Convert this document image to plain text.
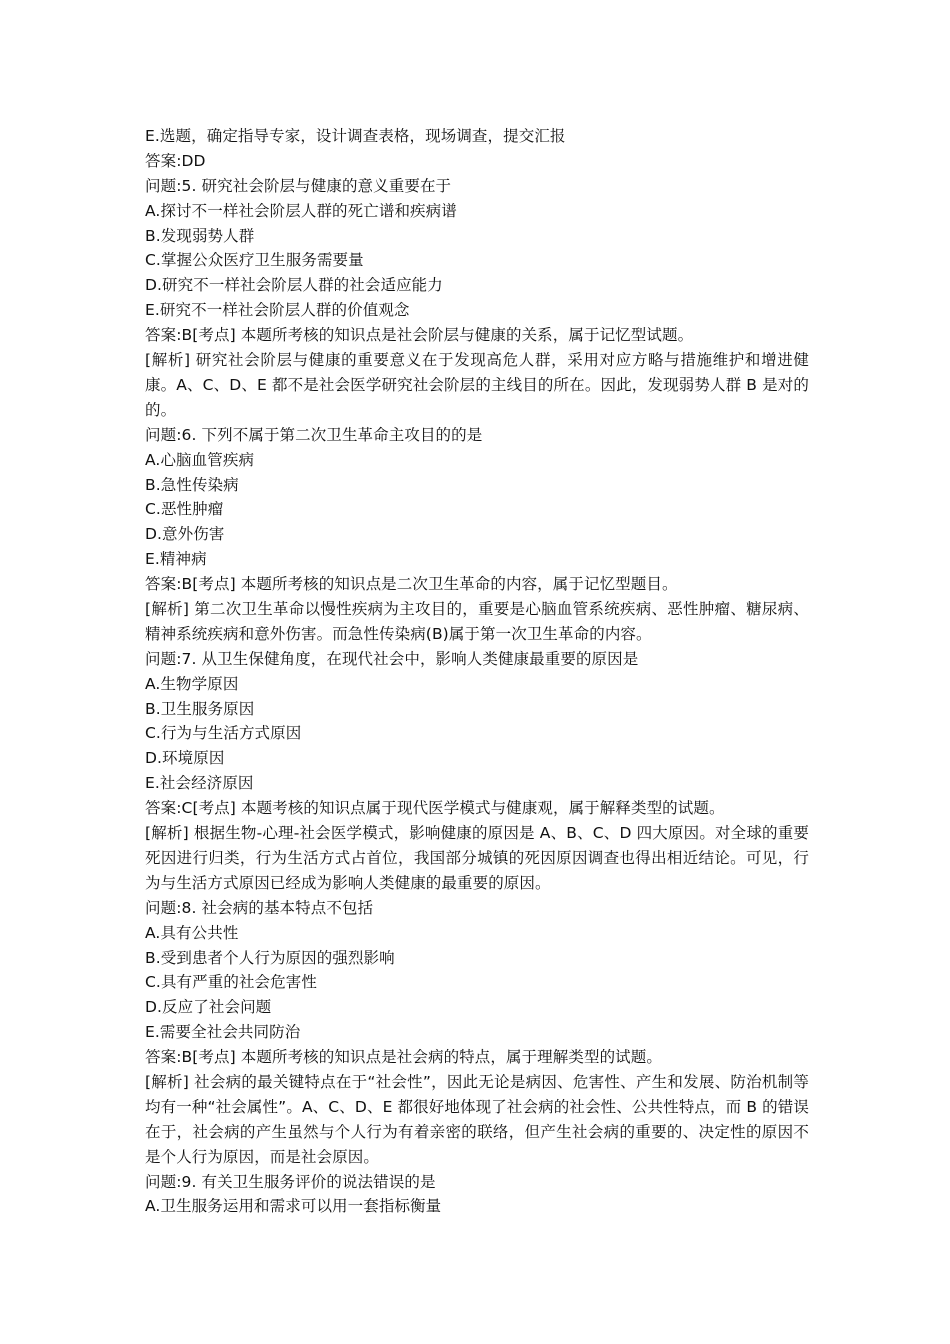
E.选题，确定指导专家，设计调查表格，现场调查，提交汇报
答案:DD
问题:5. 研究社会阶层与健康的意义重要在于
A.探讨不一样社会阶层人群的死亡谱和疾病谱
B.发现弱势人群
C.掌握公众医疗卫生服务需要量
D.研究不一样社会阶层人群的社会适应能力
E.研究不一样社会阶层人群的价值观念
答案:B[考点] 本题所考核的知识点是社会阶层与健康的关系，属于记忆型试题。
[解析] 研究社会阶层与健康的重要意义在于发现高危人群，采用对应方略与措施维护和增进健康。A、C、D、E 都不是社会医学研究社会阶层的主线目的所在。因此，发现弱势人群 B 是对的的。
问题:6. 下列不属于第二次卫生革命主攻目的的是
A.心脑血管疾病
B.急性传染病
C.恶性肿瘤
D.意外伤害
E.精神病
答案:B[考点] 本题所考核的知识点是二次卫生革命的内容，属于记忆型题目。
[解析] 第二次卫生革命以慢性疾病为主攻目的，重要是心脑血管系统疾病、恶性肿瘤、糖尿病、精神系统疾病和意外伤害。而急性传染病(B)属于第一次卫生革命的内容。
问题:7. 从卫生保健角度，在现代社会中，影响人类健康最重要的原因是
A.生物学原因
B.卫生服务原因
C.行为与生活方式原因
D.环境原因
E.社会经济原因
答案:C[考点] 本题考核的知识点属于现代医学模式与健康观，属于解释类型的试题。
[解析] 根据生物-心理-社会医学模式，影响健康的原因是 A、B、C、D 四大原因。对全球的重要死因进行归类，行为生活方式占首位，我国部分城镇的死因原因调查也得出相近结论。可见，行为与生活方式原因已经成为影响人类健康的最重要的原因。
问题:8. 社会病的基本特点不包括
A.具有公共性
B.受到患者个人行为原因的强烈影响
C.具有严重的社会危害性
D.反应了社会问题
E.需要全社会共同防治
答案:B[考点] 本题所考核的知识点是社会病的特点，属于理解类型的试题。
[解析] 社会病的最关键特点在于“社会性”，因此无论是病因、危害性、产生和发展、防治机制等均有一种“社会属性”。A、C、D、E 都很好地体现了社会病的社会性、公共性特点，而 B 的错误在于，社会病的产生虽然与个人行为有着亲密的联络，但产生社会病的重要的、决定性的原因不是个人行为原因，而是社会原因。
问题:9. 有关卫生服务评价的说法错误的是
A.卫生服务运用和需求可以用一套指标衡量
